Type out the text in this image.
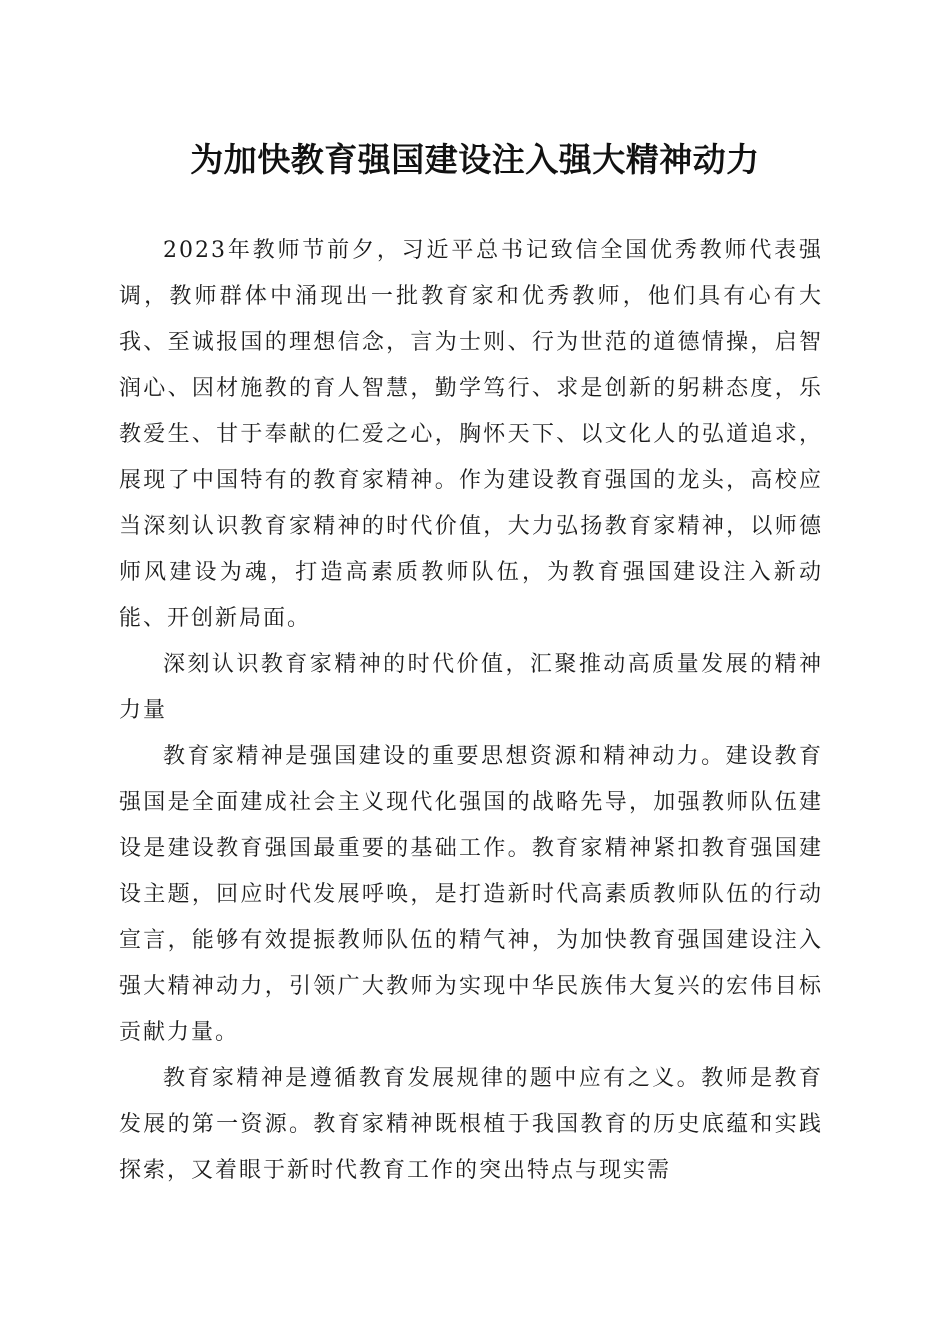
为加快教育强国建设注入强大精神动力

2023年教师节前夕，习近平总书记致信全国优秀教师代表强调，教师群体中涌现出一批教育家和优秀教师，他们具有心有大我、至诚报国的理想信念，言为士则、行为世范的道德情操，启智润心、因材施教的育人智慧，勤学笃行、求是创新的躬耕态度，乐教爱生、甘于奉献的仁爱之心，胸怀天下、以文化人的弘道追求，展现了中国特有的教育家精神。作为建设教育强国的龙头，高校应当深刻认识教育家精神的时代价值，大力弘扬教育家精神，以师德师风建设为魂，打造高素质教师队伍，为教育强国建设注入新动能、开创新局面。

深刻认识教育家精神的时代价值，汇聚推动高质量发展的精神力量

教育家精神是强国建设的重要思想资源和精神动力。建设教育强国是全面建成社会主义现代化强国的战略先导，加强教师队伍建设是建设教育强国最重要的基础工作。教育家精神紧扣教育强国建设主题，回应时代发展呼唤，是打造新时代高素质教师队伍的行动宣言，能够有效提振教师队伍的精气神，为加快教育强国建设注入强大精神动力，引领广大教师为实现中华民族伟大复兴的宏伟目标贡献力量。

教育家精神是遵循教育发展规律的题中应有之义。教师是教育发展的第一资源。教育家精神既根植于我国教育的历史底蕴和实践探索，又着眼于新时代教育工作的突出特点与现实需
